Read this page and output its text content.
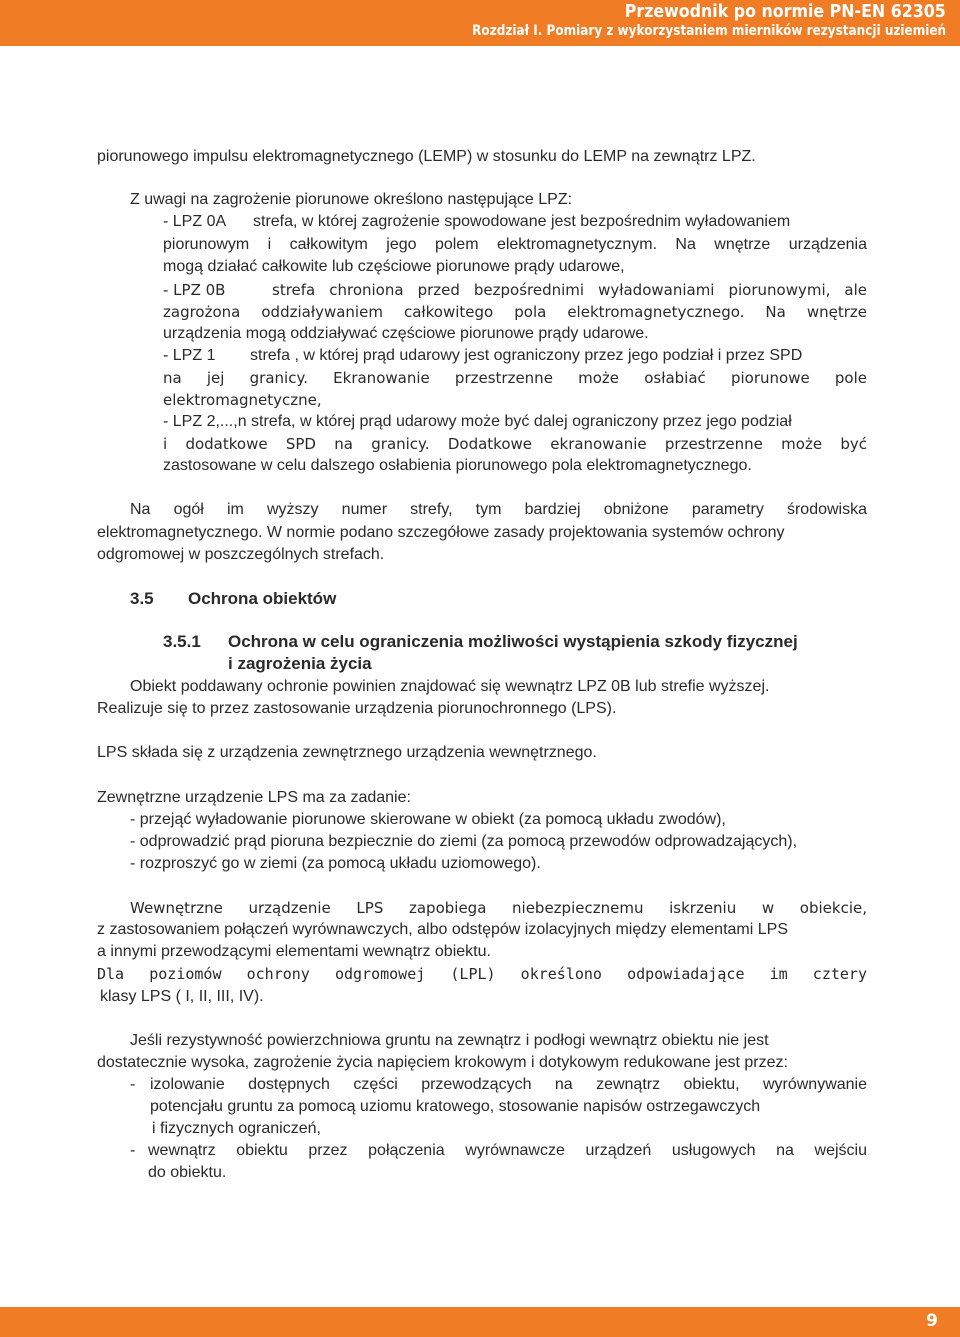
Przewodnik po normie PN-EN 62305
Rozdział I. Pomiary z wykorzystaniem mierników rezystancji uziemień
piorunowego impulsu elektromagnetycznego (LEMP) w stosunku do LEMP na zewnątrz LPZ.
Z uwagi na zagrożenie piorunowe określono następujące LPZ:
- LPZ 0A strefa, w której zagrożenie spowodowane jest bezpośrednim wyładowaniem
piorunowym i całkowitym jego polem elektromagnetycznym. Na wnętrze urządzenia
mogą działać całkowite lub częściowe piorunowe prądy udarowe,
- LPZ 0B	strefa chroniona przed bezpośrednimi wyładowaniami piorunowymi, ale
zagrożona oddziaływaniem całkowitego pola elektromagnetycznego. Na wnętrze
urządzenia mogą oddziaływać częściowe piorunowe prądy udarowe.
- LPZ 1 strefa , w której prąd udarowy jest ograniczony przez jego podział i przez SPD
na jej granicy. Ekranowanie przestrzenne może osłabiać piorunowe pole
elektromagnetyczne,
- LPZ 2,...,n strefa, w której prąd udarowy może być dalej ograniczony przez jego podział
i dodatkowe SPD na granicy. Dodatkowe ekranowanie przestrzenne może być
zastosowane w celu dalszego osłabienia piorunowego pola elektromagnetycznego.
Na ogół im wyższy numer strefy, tym bardziej obniżone parametry środowiska
elektromagnetycznego. W normie podano szczegółowe zasady projektowania systemów ochrony
odgromowej w poszczególnych strefach.
3.5 Ochrona obiektów
3.5.1 Ochrona w celu ograniczenia możliwości wystąpienia szkody fizycznej
i zagrożenia życia
Obiekt poddawany ochronie powinien znajdować się wewnątrz LPZ 0B lub strefie wyższej.
Realizuje się to przez zastosowanie urządzenia piorunochronnego (LPS).
LPS składa się z urządzenia zewnętrznego urządzenia wewnętrznego.
Zewnętrzne urządzenie LPS ma za zadanie:
- przejąć wyładowanie piorunowe skierowane w obiekt (za pomocą układu zwodów),
- odprowadzić prąd pioruna bezpiecznie do ziemi (za pomocą przewodów odprowadzających),
- rozproszyć go w ziemi (za pomocą układu uziomowego).
Wewnętrzne urządzenie LPS zapobiega niebezpiecznemu iskrzeniu w obiekcie,
z zastosowaniem połączeń wyrównawczych, albo odstępów izolacyjnych między elementami LPS
a innymi przewodzącymi elementami wewnątrz obiektu.
Dla poziomów ochrony odgromowej (LPL) określono odpowiadające im cztery
klasy LPS ( I, II, III, IV).
Jeśli rezystywność powierzchniowa gruntu na zewnątrz i podłogi wewnątrz obiektu nie jest
dostatecznie wysoka, zagrożenie życia napięciem krokowym i dotykowym redukowane jest przez:
- izolowanie dostępnych części przewodzących na zewnątrz obiektu, wyrównywanie
potencjału gruntu za pomocą uziomu kratowego, stosowanie napisów ostrzegawczych
i fizycznych ograniczeń,
- wewnątrz obiektu przez połączenia wyrównawcze urządzeń usługowych na wejściu
do obiektu.
9
